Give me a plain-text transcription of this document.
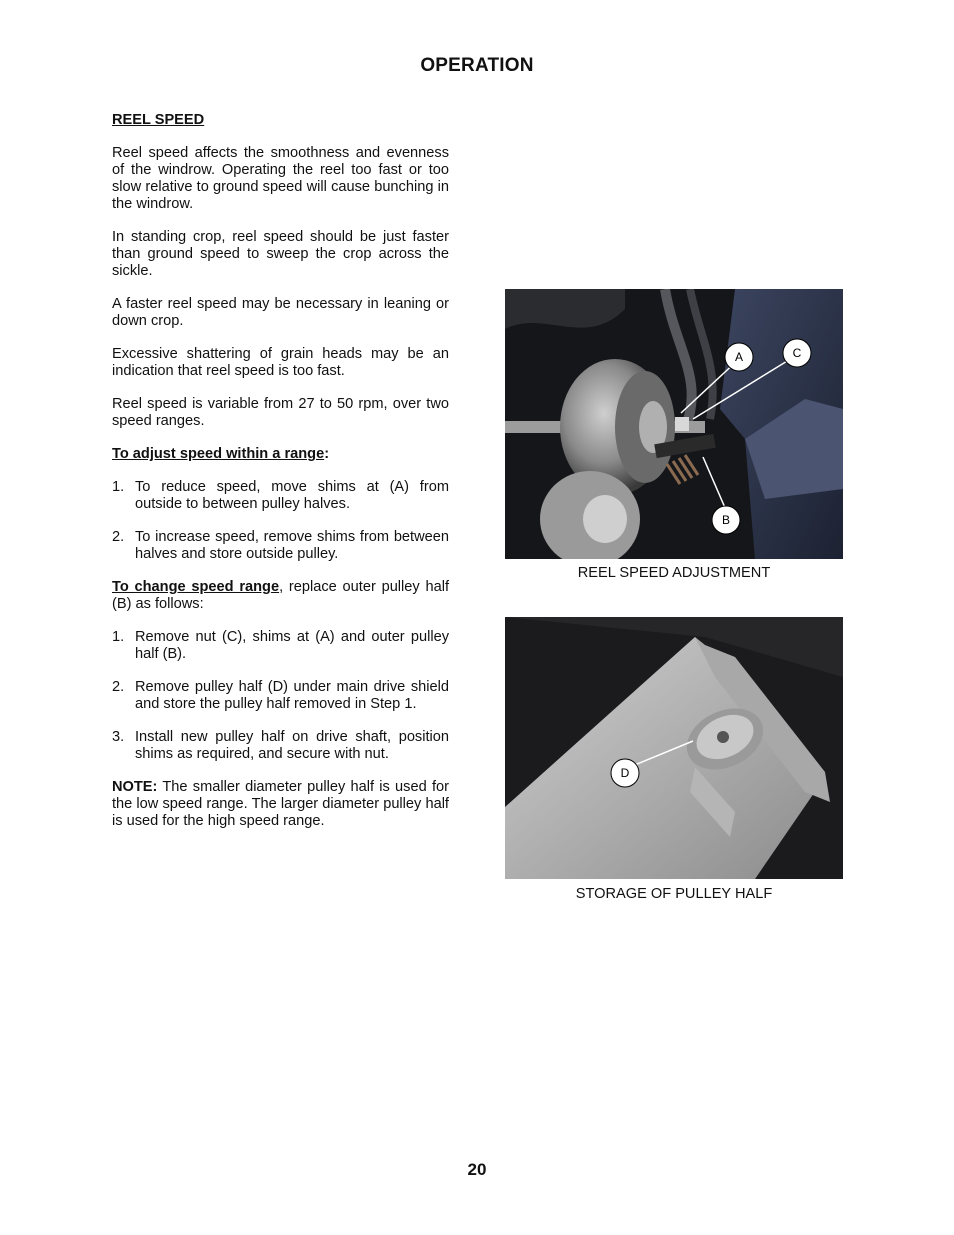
OPERATION
REEL SPEED

Reel speed affects the smoothness and evenness of the windrow. Operating the reel too fast or too slow relative to ground speed will cause bunching in the windrow.

In standing crop, reel speed should be just faster than ground speed to sweep the crop across the sickle.

A faster reel speed may be necessary in leaning or down crop.

Excessive shattering of grain heads may be an indication that reel speed is too fast.

Reel speed is variable from 27 to 50 rpm, over two speed ranges.

To adjust speed within a range:

1. To reduce speed, move shims at (A) from outside to between pulley halves.
2. To increase speed, remove shims from between halves and store outside pulley.

To change speed range, replace outer pulley half (B) as follows:

1. Remove nut (C), shims at (A) and outer pulley half (B).
2. Remove pulley half (D) under main drive shield and store the pulley half removed in Step 1.
3. Install new pulley half on drive shaft, position shims as required, and secure with nut.

NOTE: The smaller diameter pulley half is used for the low speed range. The larger diameter pulley half is used for the high speed range.

A	C
B
REEL SPEED ADJUSTMENT
D
STORAGE OF PULLEY HALF
20
